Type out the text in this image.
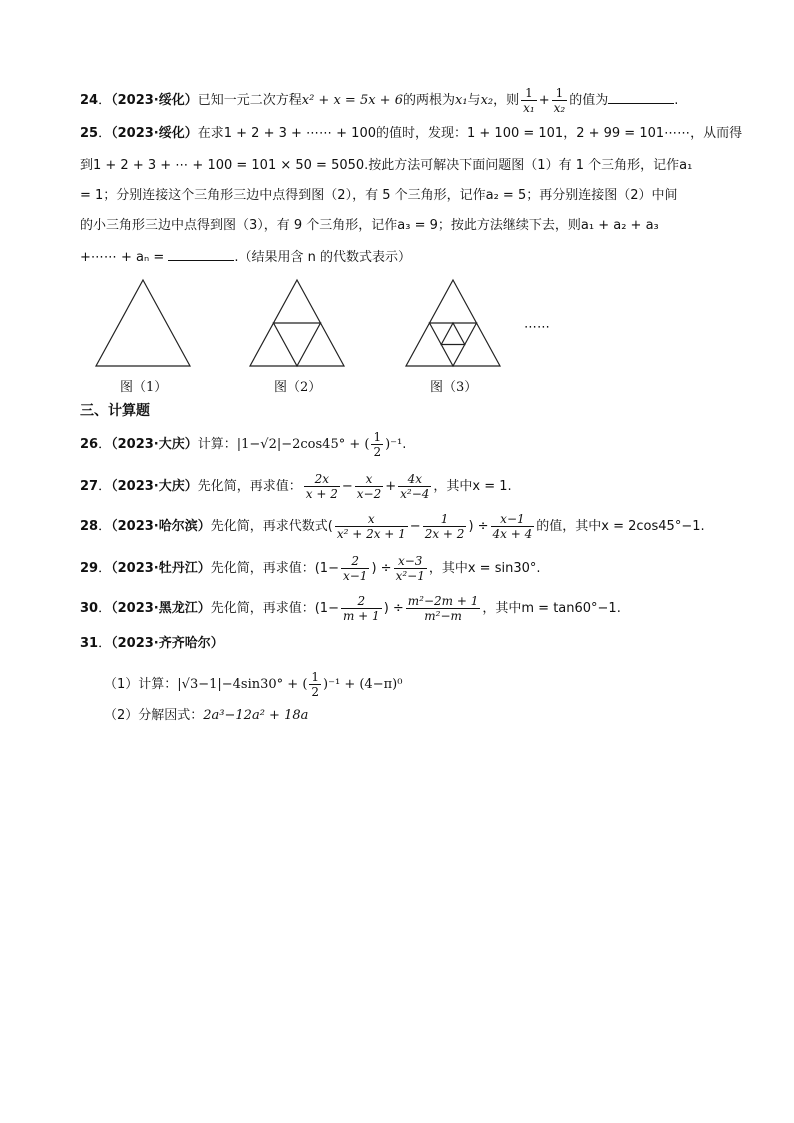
24．（2023·绥化）已知一元二次方程x² + x = 5x + 6的两根为x₁与x₂，则 $\frac{1}{\text{x₁}} + \frac{1}{\text{x₂}}$ 的值为	.
25．（2023·绥化）在求1 + 2 + 3 + ⋯⋯ + 100的值时，发现：1 + 100 = 101，2 + 99 = 101⋯⋯，从而得
到1 + 2 + 3 + ⋯ + 100 = 101 × 50 = 5050.按此方法可解决下面问题图（1）有 1 个三角形，记作a₁
= 1；分别连接这个三角形三边中点得到图（2），有 5 个三角形，记作a₂ = 5；再分别连接图（2）中间
的小三角形三边中点得到图（3），有 9 个三角形，记作a₃ = 9；按此方法继续下去，则a₁ + a₂ + a₃
+⋯⋯ + aₙ =	.（结果用含 n 的代数式表示）
⋯⋯
图（1）	图（2）	图（3）
三、计算题
26．（2023·大庆）计算：|1−√2|−2cos45° + ( $\frac{1}{2} )^{-1}$.
27．（2023·大庆）先化简，再求值： $\frac{2x}{x + 2} - \frac{x}{x-2} + \frac{4x}{\text{x²−4}}$ ，其中x = 1.
28．（2023·哈尔滨）先化简，再求代数式( $\frac{x}{\text{x² + 2x + 1}} - \frac{1}{2x + 2}$ ) ÷ $\frac{x-1}{4x + 4}$ 的值，其中x = 2cos45°−1.
29．（2023·牡丹江）先化简，再求值：($1- \frac{2}{x-1}$ ) ÷ $\frac{x-3}{\text{x²−1}}$ ，其中x = sin30°.
30．（2023·黑龙江）先化简，再求值：($1- \frac{2}{m + 1}$ ) ÷ $\frac{\text{m²−2m + 1}}{\text{m²−m}}$ ，其中m = tan60°−1.
31．（2023·齐齐哈尔）
（1）计算：|√3−1|−4sin30° + ( $\frac{1}{2} )^{-1} + (4-\pi)^0$
（2）分解因式：2a³−12a² + 18a
